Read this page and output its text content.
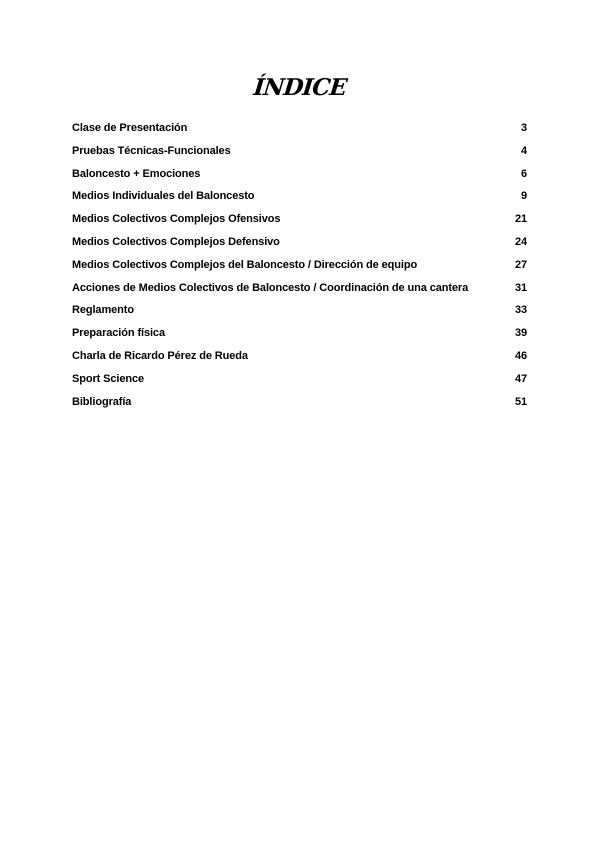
ÍNDICE
Clase de Presentación	3
Pruebas Técnicas-Funcionales	4
Baloncesto + Emociones	6
Medios Individuales del Baloncesto	9
Medios Colectivos Complejos Ofensivos	21
Medios Colectivos Complejos Defensivo	24
Medios Colectivos Complejos del Baloncesto / Dirección de equipo	27
Acciones de Medios Colectivos de Baloncesto / Coordinación de una cantera	31
Reglamento	33
Preparación física	39
Charla de Ricardo Pérez de Rueda	46
Sport Science	47
Bibliografía	51
